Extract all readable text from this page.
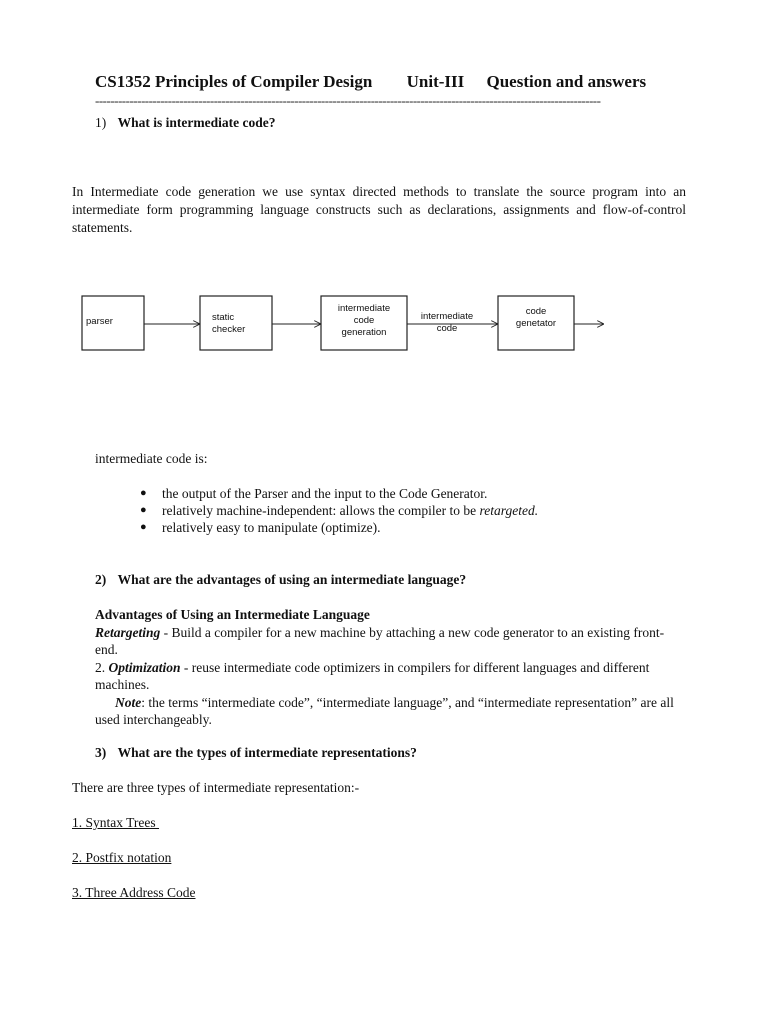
CS1352 Principles of Compiler Design Unit-III Question and answers
------------------------------------------------------------------------------------------------------------------------------------
1) What is intermediate code?
In Intermediate code generation we use syntax directed methods to translate the source program into an intermediate form programming language constructs such as declarations, assignments and flow-of-control statements.
parser	static
checker
intermediate
code
generation
intermediate
code
code
genetator
intermediate code is:
● the output of the Parser and the input to the Code Generator.
● relatively machine-independent: allows the compiler to be retargeted.
● relatively easy to manipulate (optimize).
2) What are the advantages of using an intermediate language?
Advantages of Using an Intermediate Language
Retargeting - Build a compiler for a new machine by attaching a new code generator to an existing front-end.
2. Optimization - reuse intermediate code optimizers in compilers for different languages and different machines.
Note: the terms “intermediate code”, “intermediate language”, and “intermediate representation” are all used interchangeably.
3) What are the types of intermediate representations?
There are three types of intermediate representation:-
1. Syntax Trees
2. Postfix notation
3. Three Address Code
